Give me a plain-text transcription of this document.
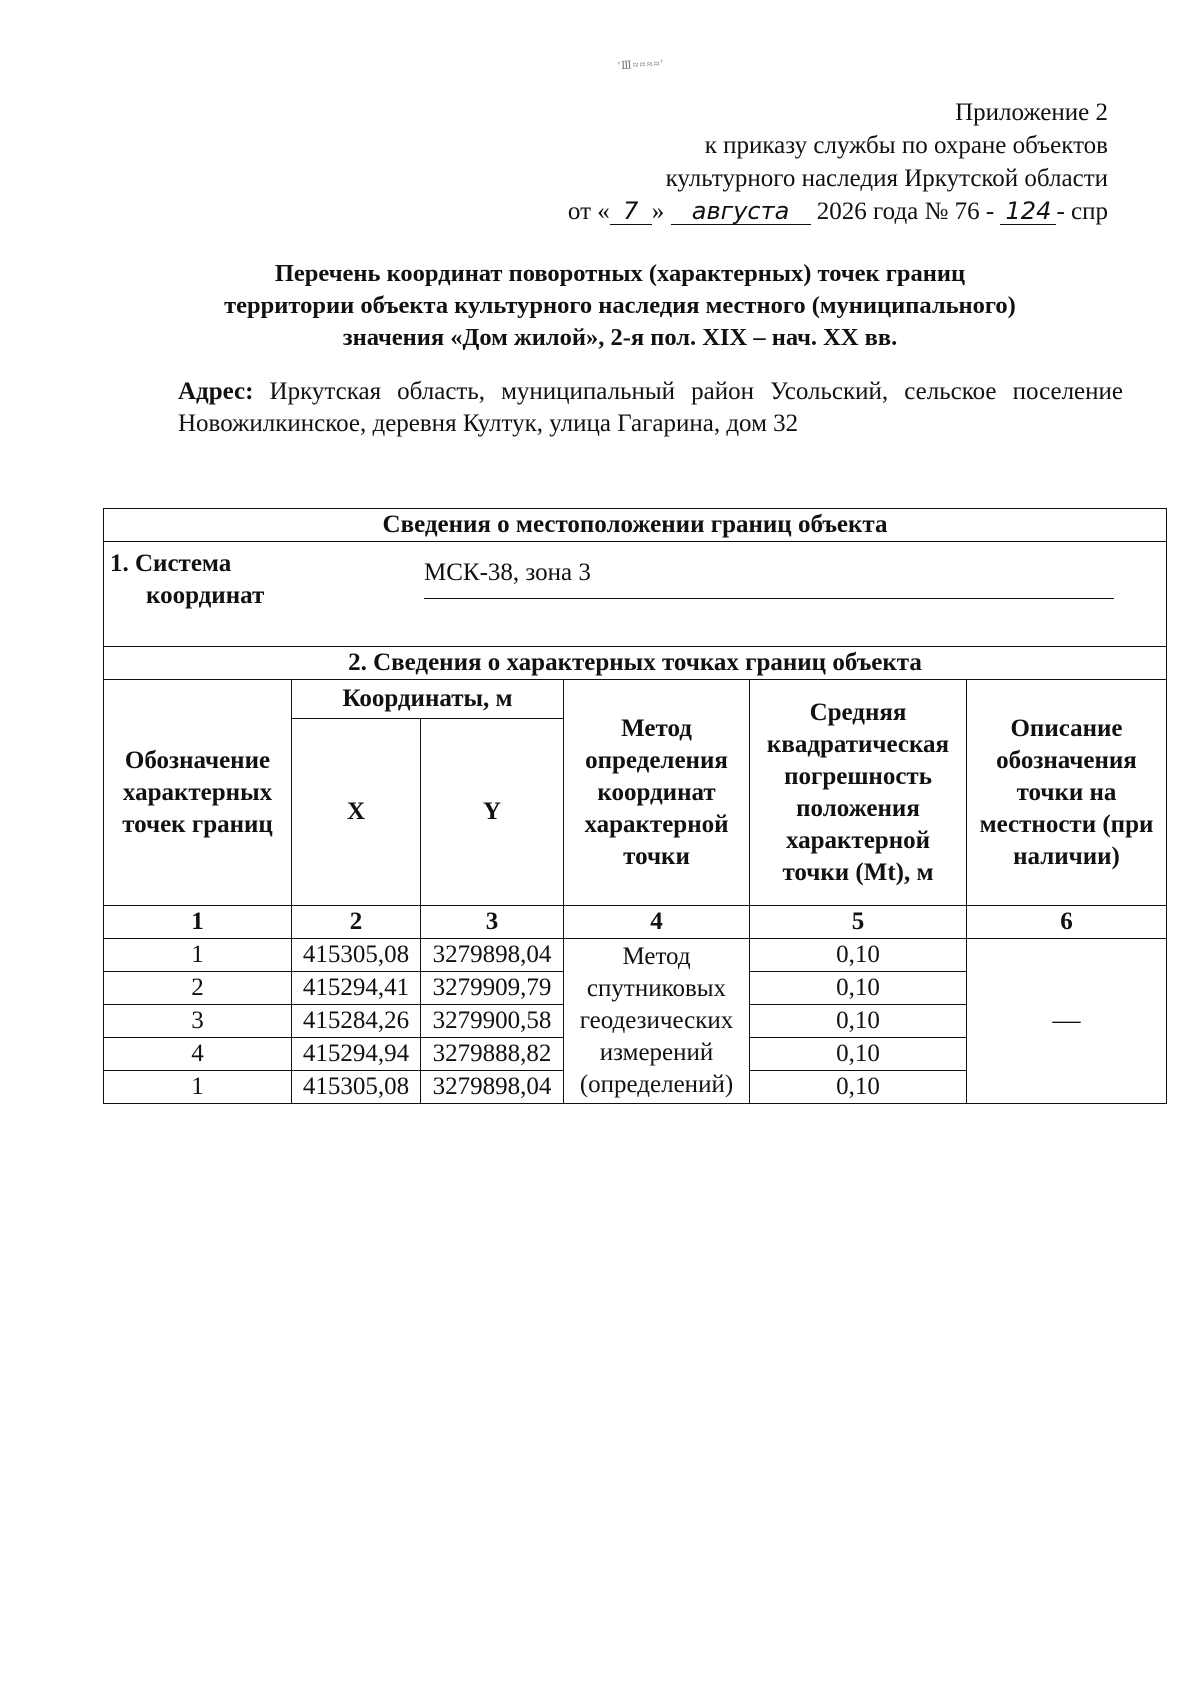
'Ⅲ≈≈≈≈′
Приложение 2
к приказу службы по охране объектов
культурного наследия Иркутской области
от « 7 » августа 2026 года № 76 - 124 - спр
Перечень координат поворотных (характерных) точек границ
территории объекта культурного наследия местного (муниципального)
значения «Дом жилой», 2-я пол. XIX – нач. XX вв.
Адрес: Иркутская область, муниципальный район Усольский, сельское поселение Новожилкинское, деревня Култук, улица Гагарина, дом 32
Сведения о местоположении границ объекта					

1. Система
координат
МСК-38, зона 3					

2. Сведения о характерных точках границ объекта					
Обозначение характерных точек границ	Координаты, м		Метод определения координат характерной точки	Средняя квадратическая погрешность положения характерной точки (Mt), м	Описание обозначения точки на местности (при наличии)
	X	Y			
1	2	3	4	5	6
1	415305,08	3279898,04	Метод спутниковых геодезических измерений (определений)	0,10	—
2	415294,41	3279909,79		0,10	
3	415284,26	3279900,58		0,10	
4	415294,94	3279888,82		0,10	
1	415305,08	3279898,04		0,10	
